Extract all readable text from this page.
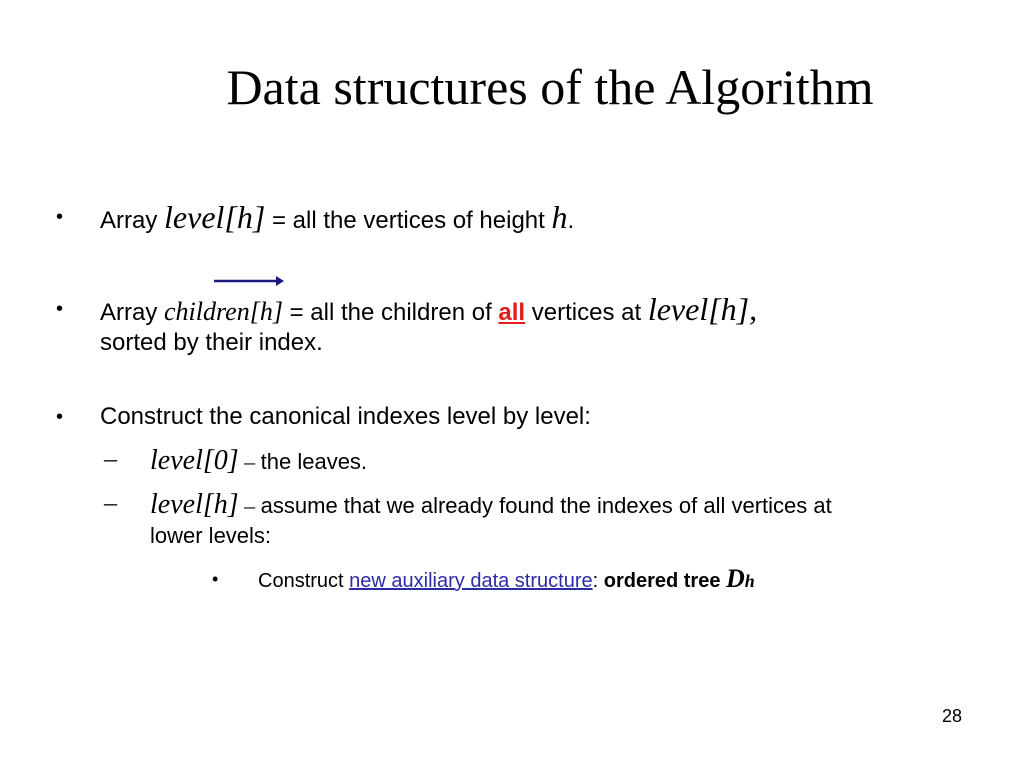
Data structures of the Algorithm
• Array level[h] = all the vertices of height h.
• Array children[h] = all the children of all vertices at level[h],
sorted by their index.
• Construct the canonical indexes level by level:
– level[0] – the leaves.
– level[h] – assume that we already found the indexes of all vertices at
lower levels:
• Construct new auxiliary data structure: ordered tree Dh
28
